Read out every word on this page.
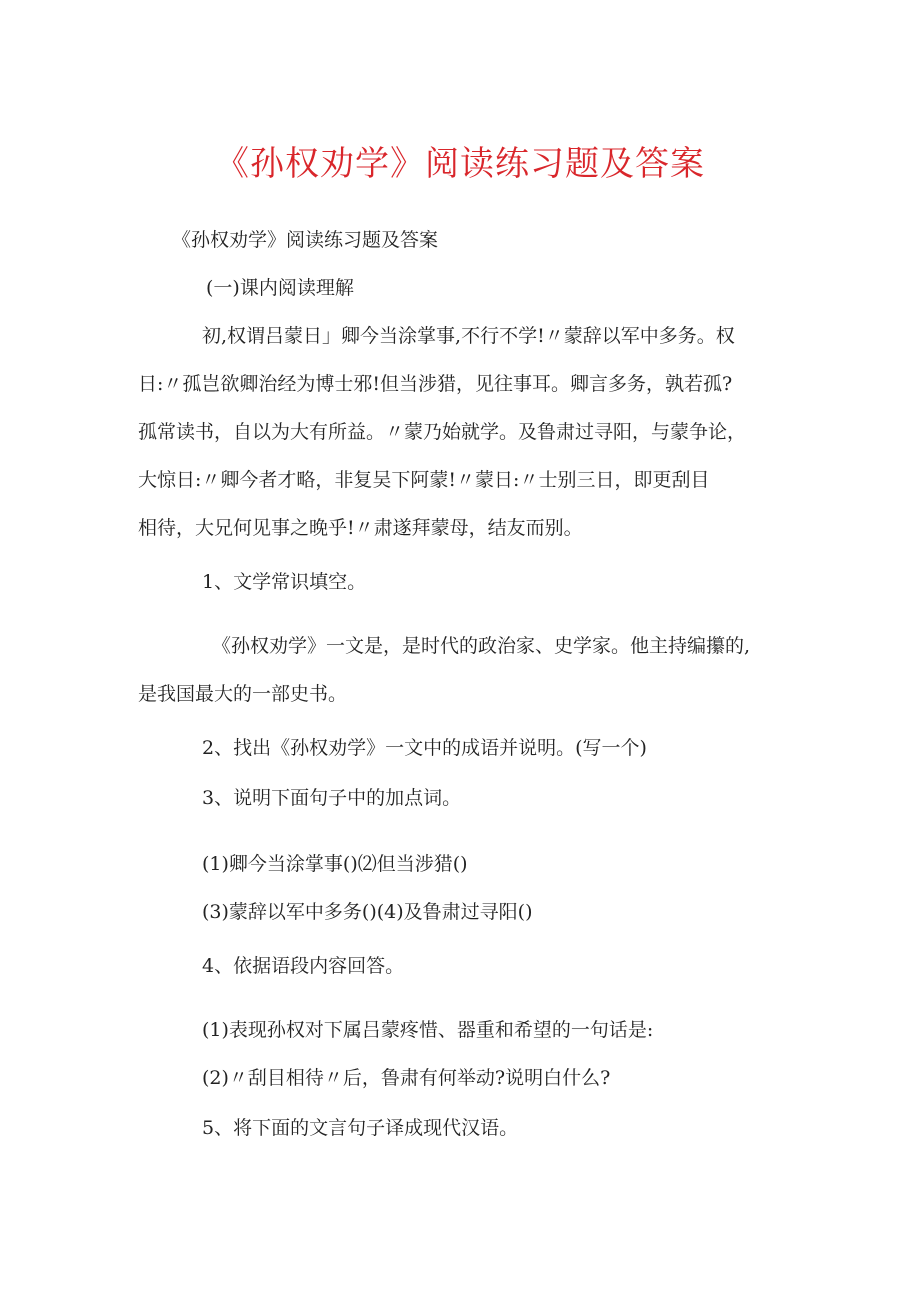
《孙权劝学》阅读练习题及答案
《孙权劝学》阅读练习题及答案
(一)课内阅读理解
初,权谓吕蒙日」卿今当涂掌事,不行不学!〃蒙辞以军中多务。权
日:〃孤岂欲卿治经为博士邪!但当涉猎，见往事耳。卿言多务，孰若孤?
孤常读书，自以为大有所益。〃蒙乃始就学。及鲁肃过寻阳，与蒙争论，
大惊日:〃卿今者才略，非复吴下阿蒙!〃蒙日:〃士别三日，即更刮目
相待，大兄何见事之晚乎!〃肃遂拜蒙母，结友而别。
1、文学常识填空。
《孙权劝学》一文是，是时代的政治家、史学家。他主持编攥的,
是我国最大的一部史书。
2、找出《孙权劝学》一文中的成语并说明。(写一个)
3、说明下面句子中的加点词。
(1)卿今当涂掌事()⑵但当涉猎()
(3)蒙辞以军中多务()(4)及鲁肃过寻阳()
4、依据语段内容回答。
(1)表现孙权对下属吕蒙疼惜、器重和希望的一句话是:
(2)〃刮目相待〃后，鲁肃有何举动?说明白什么?
5、将下面的文言句子译成现代汉语。
